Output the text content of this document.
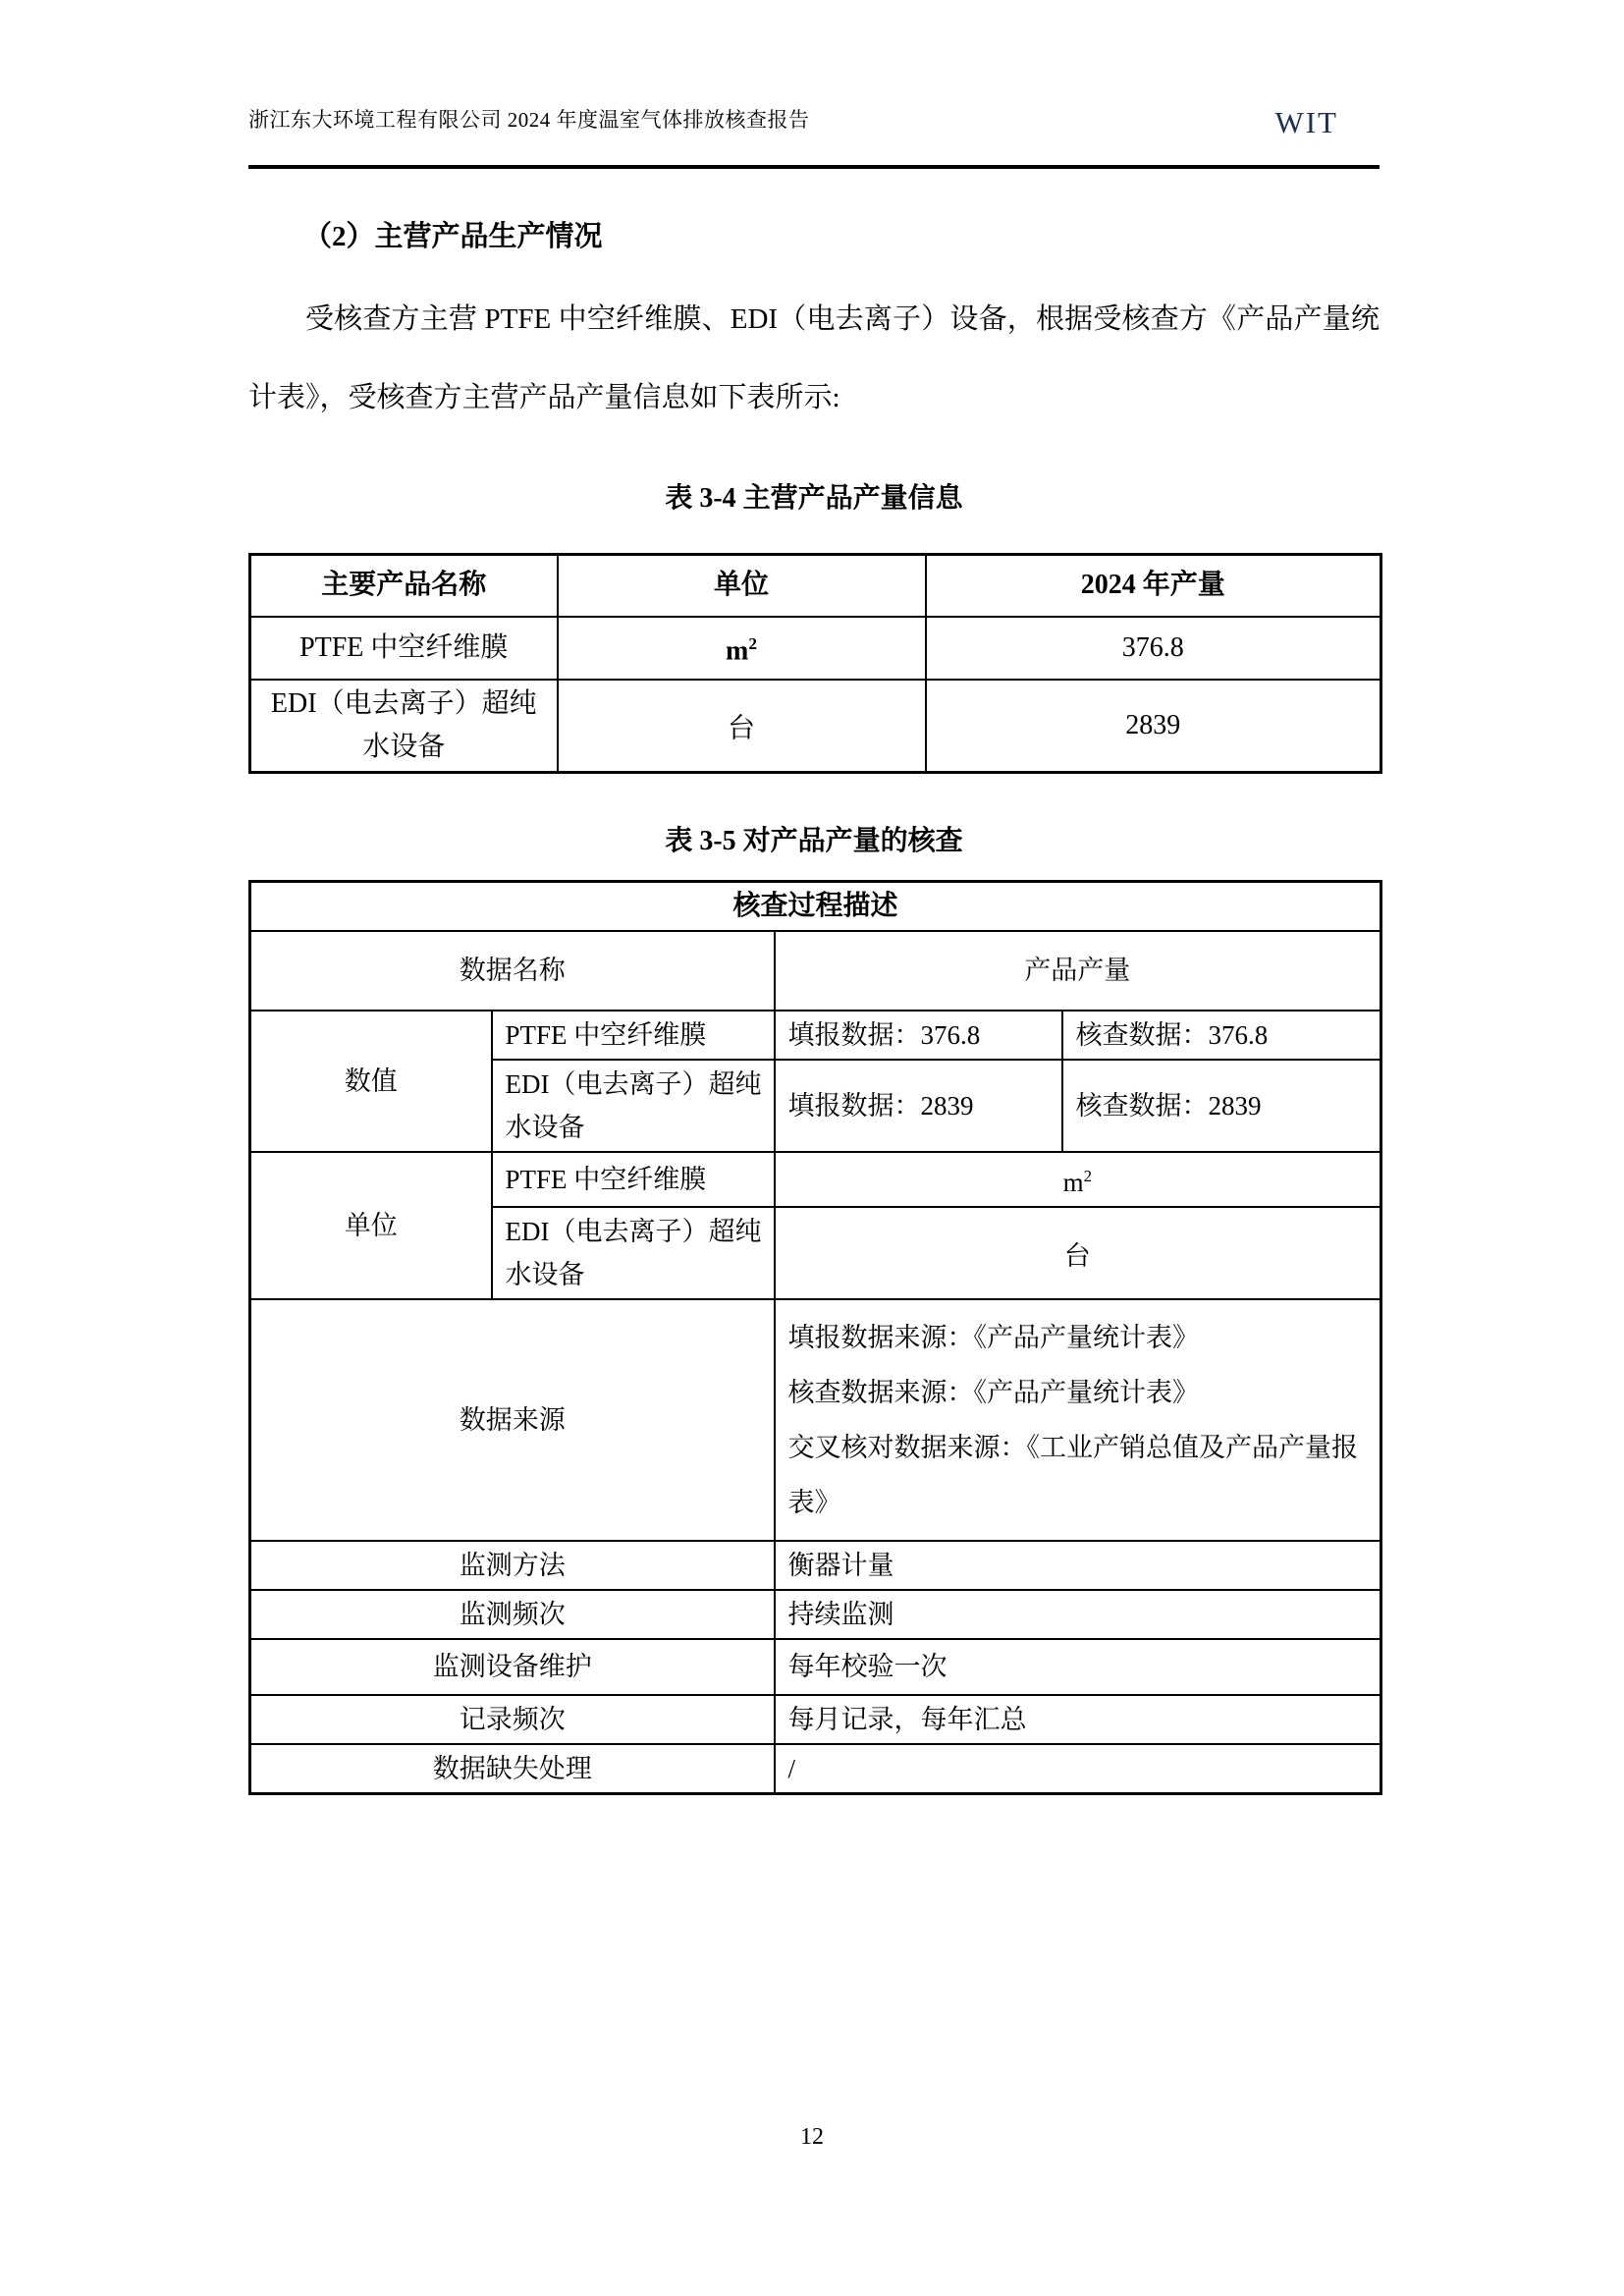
浙江东大环境工程有限公司 2024 年度温室气体排放核查报告	WIT
（2）主营产品生产情况

受核查方主营 PTFE 中空纤维膜、EDI（电去离子）设备，根据受核查方《产品产量统计表》，受核查方主营产品产量信息如下表所示:

表 3-4 主营产品产量信息
主要产品名称	单位	2024 年产量
PTFE 中空纤维膜	$m^2$	376.8
EDI（电去离子）超纯水设备	台	2839
表 3-5 对产品产量的核查
核查过程描述			
数据名称		产品产量	
数值	PTFE 中空纤维膜	填报数据：376.8	核查数据：376.8
	EDI（电去离子）超纯水设备	填报数据：2839	核查数据：2839
单位	PTFE 中空纤维膜	$m^2$
	EDI（电去离子）超纯水设备	台	
数据来源		填报数据来源：《产品产量统计表》
核查数据来源：《产品产量统计表》
交叉核对数据来源：《工业产销总值及产品产量报表》	

监测方法		衡器计量	
监测频次		持续监测	
监测设备维护		每年校验一次	
记录频次		每月记录，每年汇总	
数据缺失处理		/	
12
